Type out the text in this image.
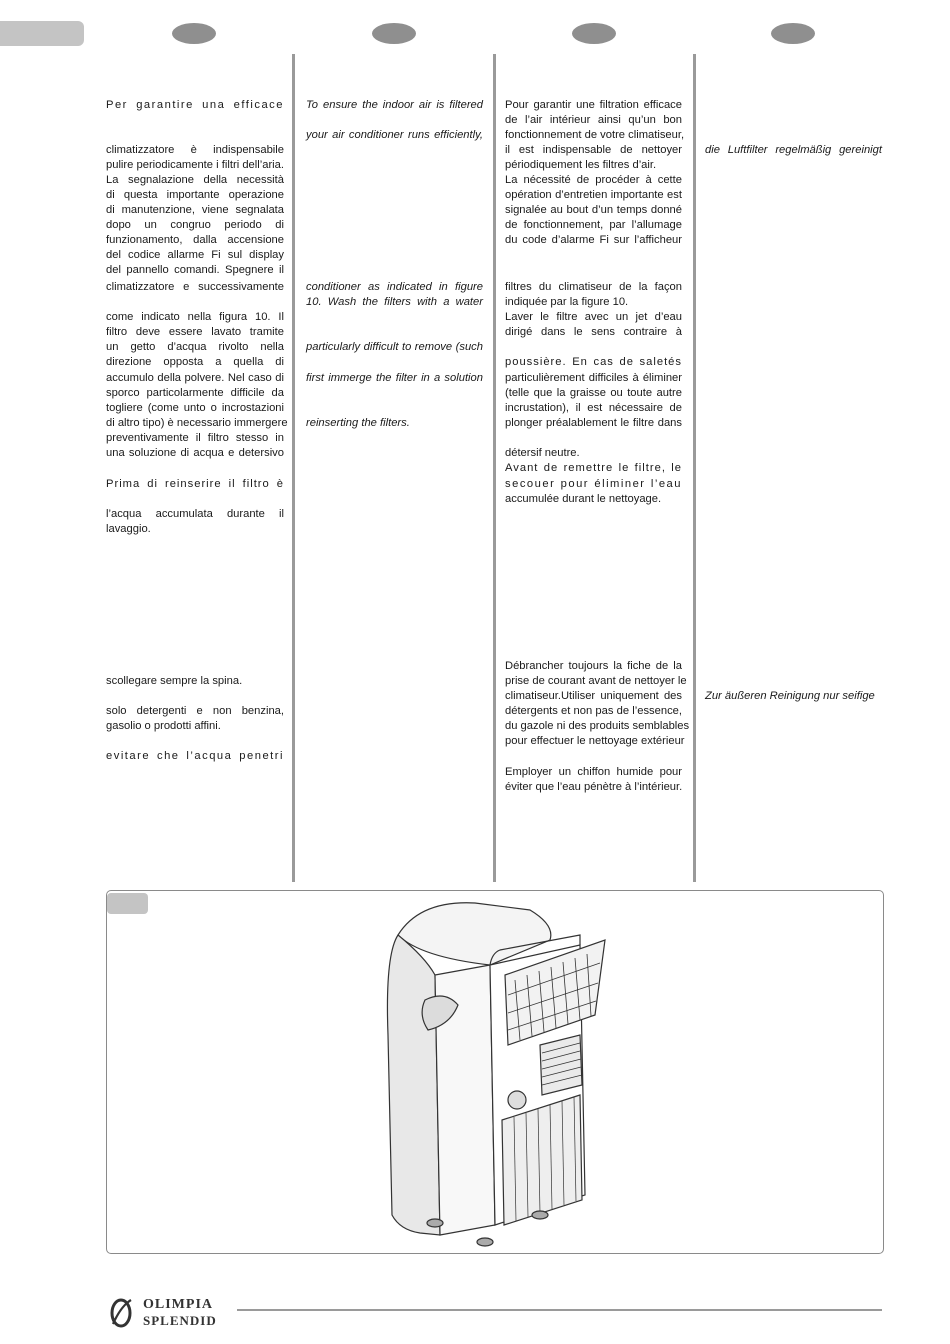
Per garantire una efficace
climatizzatore è indispensabile
pulire periodicamente i filtri dell’aria.
La segnalazione della necessità
di questa importante operazione
di manutenzione, viene segnalata
dopo un congruo periodo di
funzionamento, dalla accensione
del codice allarme Fi sul display
del pannello comandi. Spegnere il
climatizzatore e successivamente
come indicato nella figura 10. Il
filtro deve essere lavato tramite
un getto d’acqua rivolto nella
direzione opposta a quella di
accumulo della polvere. Nel caso di
sporco particolarmente difficile da
togliere (come unto o incrostazioni
di altro tipo) è necessario immergere
preventivamente il filtro stesso in
una soluzione di acqua e detersivo
Prima di reinserire il filtro è
l’acqua accumulata durante il
lavaggio.
scollegare sempre la spina.
solo detergenti e non benzina,
gasolio o prodotti affini.
evitare che l’acqua penetri
To ensure the indoor air is filtered
your air conditioner runs efficiently,
conditioner as indicated in figure
10. Wash the filters with a water
particularly difficult to remove (such
first immerge the filter in a solution
reinserting the filters.
Pour garantir une filtration efficace
de l’air intérieur ainsi qu’un bon
fonctionnement de votre climatiseur,
il est indispensable de nettoyer
périodiquement les filtres d’air.
La nécessité de procéder à cette
opération d’entretien importante est
signalée au bout d’un temps donné
de fonctionnement, par l’allumage
du code d’alarme Fi sur l’afficheur
filtres du climatiseur de la façon
indiquée par la figure 10.
Laver le filtre avec un jet d’eau
dirigé dans le sens contraire à
poussière. En cas de saletés
particulièrement difficiles à éliminer
(telle que la graisse ou toute autre
incrustation), il est nécessaire de
plonger préalablement le filtre dans
détersif neutre.
Avant de remettre le filtre, le
secouer pour éliminer l’eau
accumulée durant le nettoyage.
Débrancher toujours la fiche de la
prise de courant avant de nettoyer le
climatiseur.Utiliser uniquement des
détergents et non pas de l’essence,
du gazole ni des produits semblables
pour effectuer le nettoyage extérieur
Employer un chiffon humide pour
éviter que l’eau pénètre à l’intérieur.
die Luftfilter regelmäßig gereinigt
Zur äußeren Reinigung nur seifige
OLIMPIA
SPLENDID
